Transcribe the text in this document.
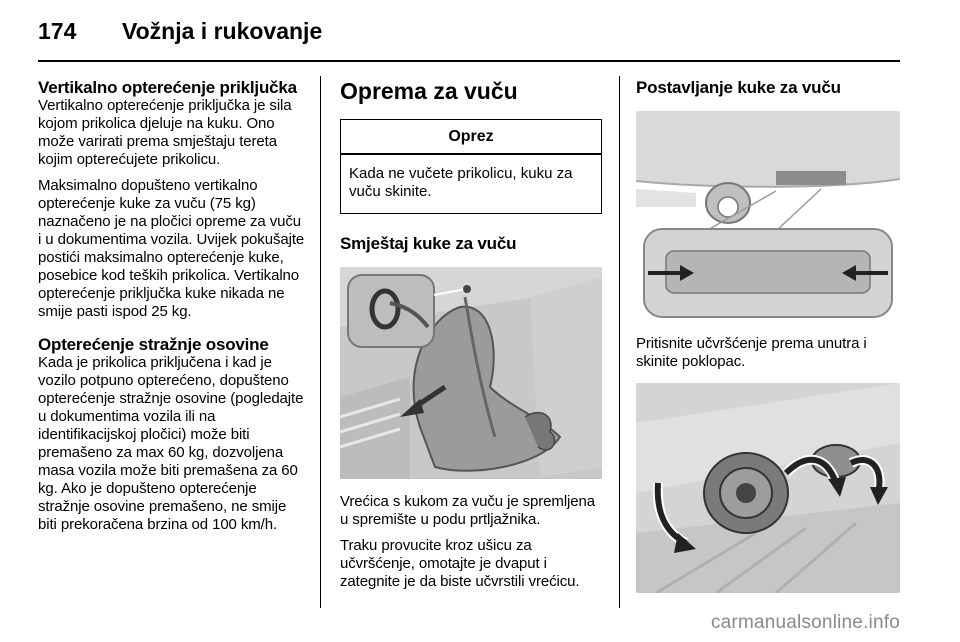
174 Vožnja i rukovanje
Vertikalno opterećenje priključka

Vertikalno opterećenje priključka je sila kojom prikolica djeluje na kuku. Ono može varirati prema smještaju tereta kojim opterećujete prikolicu.

Maksimalno dopušteno vertikalno opterećenje kuke za vuču (75 kg) naznačeno je na pločici opreme za vuču i u dokumentima vozila. Uvijek pokušajte postići maksimalno opterećenje kuke, posebice kod teških prikolica. Vertikalno opterećenje priključka kuke nikada ne smije pasti ispod 25 kg.

Opterećenje stražnje osovine

Kada je prikolica priključena i kad je vozilo potpuno opterećeno, dopušteno opterećenje stražnje osovine (pogledajte u dokumentima vozila ili na identifikacijskoj pločici) može biti premašeno za max 60 kg, dozvoljena masa vozila može biti premašena za 60 kg. Ako je dopušteno opterećenje stražnje osovine premašeno, ne smije biti prekoračena brzina od 100 km/h.

Oprema za vuču
Oprez
Kada ne vučete prikolicu, kuku za vuču skinite.
Smještaj kuke za vuču

Vrećica s kukom za vuču je spremljena u spremište u podu prtljažnika.

Traku provucite kroz ušicu za učvršćenje, omotajte je dvaput i zategnite je da biste učvrstili vrećicu.

Postavljanje kuke za vuču

Pritisnite učvršćenje prema unutra i skinite poklopac.

carmanualsonline.info
